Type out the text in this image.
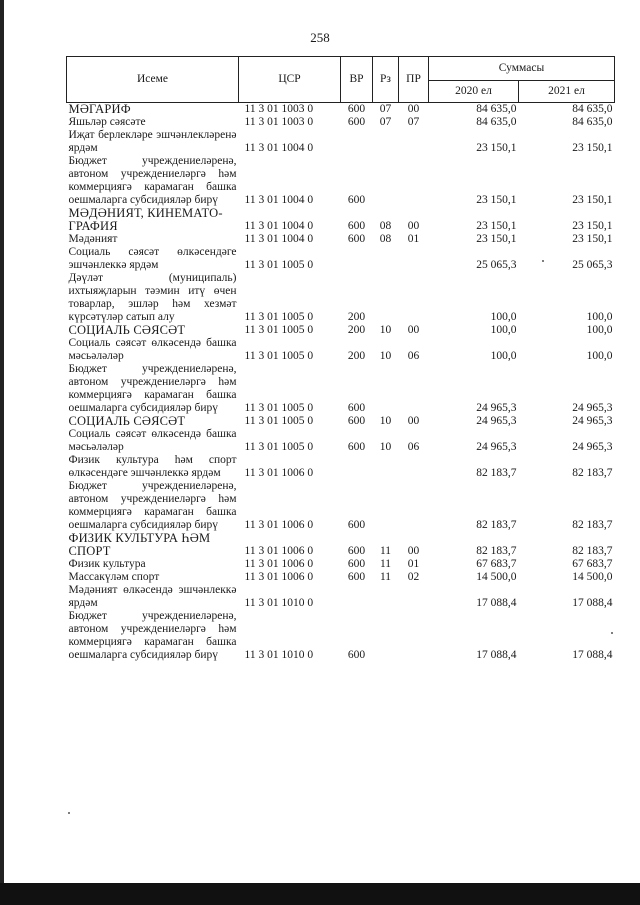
258
Исеме	ЦСР	ВР	Рз	ПР	Суммасы	
					2020 ел	2021 ел
МӘГАРИФ	11 3 01 1003 0	600	07	00	84 635,0	84 635,0
Яшьләр сәясәте	11 3 01 1003 0	600	07	07	84 635,0	84 635,0
Иҗат берлекләре эшчәнлекләренә ярдәм	11 3 01 1004 0				23 150,1	23 150,1
Бюджет учреждениеләренә, автоном учреждениеләргә һәм коммерциягә карамаган башка оешмаларга субсидияләр бирү	11 3 01 1004 0	600			23 150,1	23 150,1
МӘДӘНИЯТ, КИНЕМАТО-ГРАФИЯ	11 3 01 1004 0	600	08	00	23 150,1	23 150,1
Мәдәният	11 3 01 1004 0	600	08	01	23 150,1	23 150,1
Социаль сәясәт өлкәсендәге эшчәнлеккә ярдәм	11 3 01 1005 0				25 065,3	25 065,3
Дәүләт (муниципаль) ихтыяҗларын тәэмин итү өчен товарлар, эшләр һәм хезмәт күрсәтүләр сатып алу	11 3 01 1005 0	200			100,0	100,0
СОЦИАЛЬ СӘЯСӘТ	11 3 01 1005 0	200	10	00	100,0	100,0
Социаль сәясәт өлкәсендә башка мәсьәләләр	11 3 01 1005 0	200	10	06	100,0	100,0
Бюджет учреждениеләренә, автоном учреждениеләргә һәм коммерциягә карамаган башка оешмаларга субсидияләр бирү	11 3 01 1005 0	600			24 965,3	24 965,3
СОЦИАЛЬ СӘЯСӘТ	11 3 01 1005 0	600	10	00	24 965,3	24 965,3
Социаль сәясәт өлкәсендә башка мәсьәләләр	11 3 01 1005 0	600	10	06	24 965,3	24 965,3
Физик культура һәм спорт өлкәсендәге эшчәнлеккә ярдәм	11 3 01 1006 0				82 183,7	82 183,7
Бюджет учреждениеләренә, автоном учреждениеләргә һәм коммерциягә карамаган башка оешмаларга субсидияләр бирү	11 3 01 1006 0	600			82 183,7	82 183,7
ФИЗИК КУЛЬТУРА ҺӘМ СПОРТ	11 3 01 1006 0	600	11	00	82 183,7	82 183,7
Физик культура	11 3 01 1006 0	600	11	01	67 683,7	67 683,7
Массакүләм спорт	11 3 01 1006 0	600	11	02	14 500,0	14 500,0
Мәдәният өлкәсендә эшчәнлеккә ярдәм	11 3 01 1010 0				17 088,4	17 088,4
Бюджет учреждениеләренә, автоном учреждениеләргә һәм коммерциягә карамаган башка оешмаларга субсидияләр бирү	11 3 01 1010 0	600			17 088,4	17 088,4
